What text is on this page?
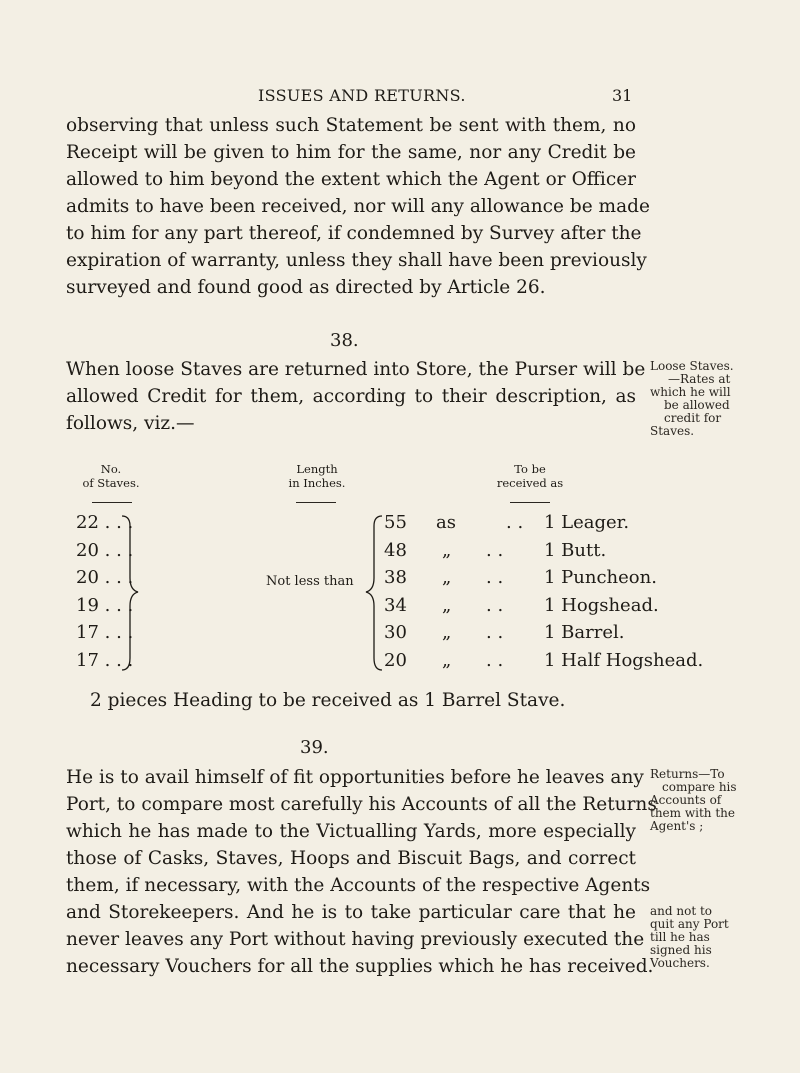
ISSUES AND RETURNS.	31
observing that unless such Statement be sent with them, no
Receipt will be given to him for the same, nor any Credit be
allowed to him beyond the extent which the Agent or Officer
admits to have been received, nor will any allowance be made
to him for any part thereof, if condemned by Survey after the
expiration of warranty, unless they shall have been previously
surveyed and found good as directed by Article 26.
38.
When loose Staves are returned into Store, the Purser will be
allowed Credit for them, according to their description, as
follows, viz.—
Loose Staves.
—Rates at
which he will
be allowed
credit for
Staves.
No.
of Staves.
Length
in Inches.
To be
received as
22 . . .	55 as	. . 1 Leager.
20 . . .	48 „ . . 1 Butt.
20 . . .	38 „ . . 1 Puncheon.
19 . . .	34 „ . . 1 Hogshead.
17 . . .	30 „ . . 1 Barrel.
17 . . .	20 „ . . 1 Half Hogshead.
Not less than
2 pieces Heading to be received as 1 Barrel Stave.
39.
He is to avail himself of fit opportunities before he leaves any
Port, to compare most carefully his Accounts of all the Returns
which he has made to the Victualling Yards, more especially
those of Casks, Staves, Hoops and Biscuit Bags, and correct
them, if necessary, with the Accounts of the respective Agents
and Storekeepers. And he is to take particular care that he
never leaves any Port without having previously executed the
necessary Vouchers for all the supplies which he has received.
Returns—To
compare his
Accounts of
them with the
Agent's ;
and not to
quit any Port
till he has
signed his
Vouchers.
